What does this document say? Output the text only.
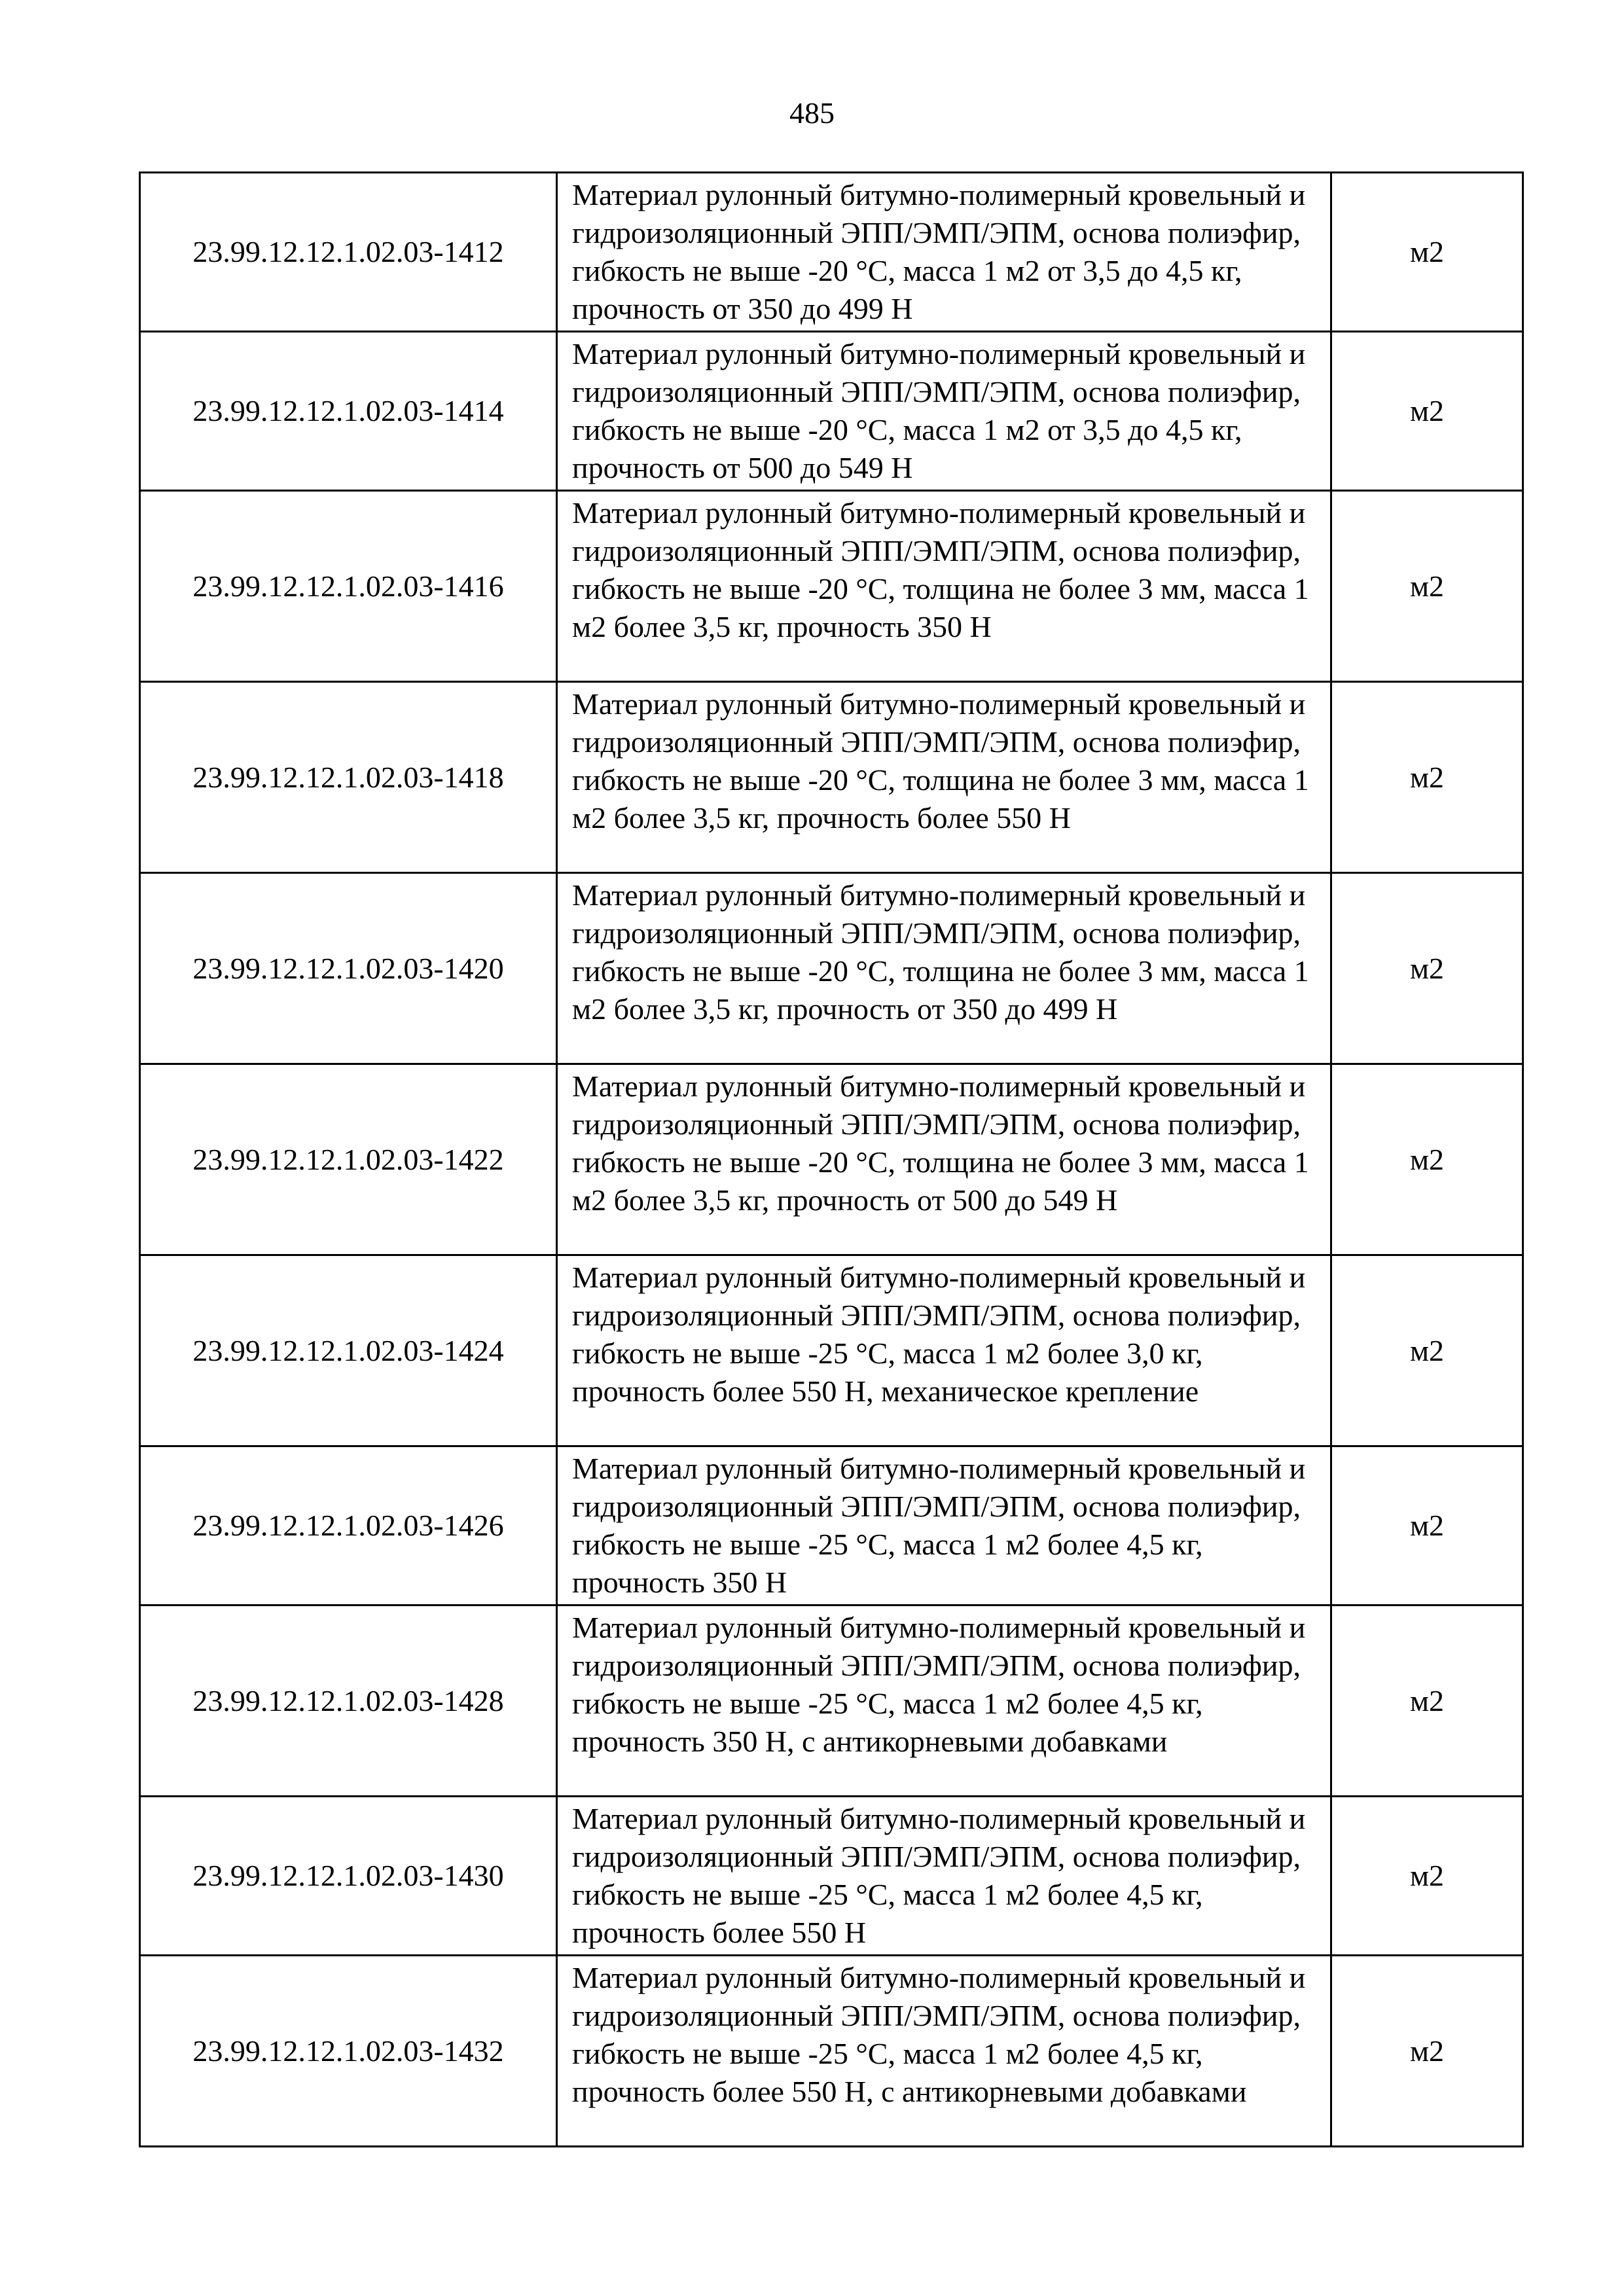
485
23.99.12.12.1.02.03-1412	Материал рулонный битумно-полимерный кровельный и гидроизоляционный ЭПП/ЭМП/ЭПМ, основа полиэфир, гибкость не выше -20 °С, масса 1 м2 от 3,5 до 4,5 кг, прочность от 350 до 499 Н	м2
23.99.12.12.1.02.03-1414	Материал рулонный битумно-полимерный кровельный и гидроизоляционный ЭПП/ЭМП/ЭПМ, основа полиэфир, гибкость не выше -20 °С, масса 1 м2 от 3,5 до 4,5 кг, прочность от 500 до 549 Н	м2
23.99.12.12.1.02.03-1416	Материал рулонный битумно-полимерный кровельный и гидроизоляционный ЭПП/ЭМП/ЭПМ, основа полиэфир, гибкость не выше -20 °С, толщина не более 3 мм, масса 1 м2 более 3,5 кг, прочность 350 Н	м2
23.99.12.12.1.02.03-1418	Материал рулонный битумно-полимерный кровельный и гидроизоляционный ЭПП/ЭМП/ЭПМ, основа полиэфир, гибкость не выше -20 °С, толщина не более 3 мм, масса 1 м2 более 3,5 кг, прочность более 550 Н	м2
23.99.12.12.1.02.03-1420	Материал рулонный битумно-полимерный кровельный и гидроизоляционный ЭПП/ЭМП/ЭПМ, основа полиэфир, гибкость не выше -20 °С, толщина не более 3 мм, масса 1 м2 более 3,5 кг, прочность от 350 до 499 Н	м2
23.99.12.12.1.02.03-1422	Материал рулонный битумно-полимерный кровельный и гидроизоляционный ЭПП/ЭМП/ЭПМ, основа полиэфир, гибкость не выше -20 °С, толщина не более 3 мм, масса 1 м2 более 3,5 кг, прочность от 500 до 549 Н	м2
23.99.12.12.1.02.03-1424	Материал рулонный битумно-полимерный кровельный и гидроизоляционный ЭПП/ЭМП/ЭПМ, основа полиэфир, гибкость не выше -25 °С, масса 1 м2 более 3,0 кг, прочность более 550 Н, механическое крепление	м2
23.99.12.12.1.02.03-1426	Материал рулонный битумно-полимерный кровельный и гидроизоляционный ЭПП/ЭМП/ЭПМ, основа полиэфир, гибкость не выше -25 °С, масса 1 м2 более 4,5 кг, прочность 350 Н	м2
23.99.12.12.1.02.03-1428	Материал рулонный битумно-полимерный кровельный и гидроизоляционный ЭПП/ЭМП/ЭПМ, основа полиэфир, гибкость не выше -25 °С, масса 1 м2 более 4,5 кг, прочность 350 Н, с антикорневыми добавками	м2
23.99.12.12.1.02.03-1430	Материал рулонный битумно-полимерный кровельный и гидроизоляционный ЭПП/ЭМП/ЭПМ, основа полиэфир, гибкость не выше -25 °С, масса 1 м2 более 4,5 кг, прочность более 550 Н	м2
23.99.12.12.1.02.03-1432	Материал рулонный битумно-полимерный кровельный и гидроизоляционный ЭПП/ЭМП/ЭПМ, основа полиэфир, гибкость не выше -25 °С, масса 1 м2 более 4,5 кг, прочность более 550 Н, с антикорневыми добавками	м2
